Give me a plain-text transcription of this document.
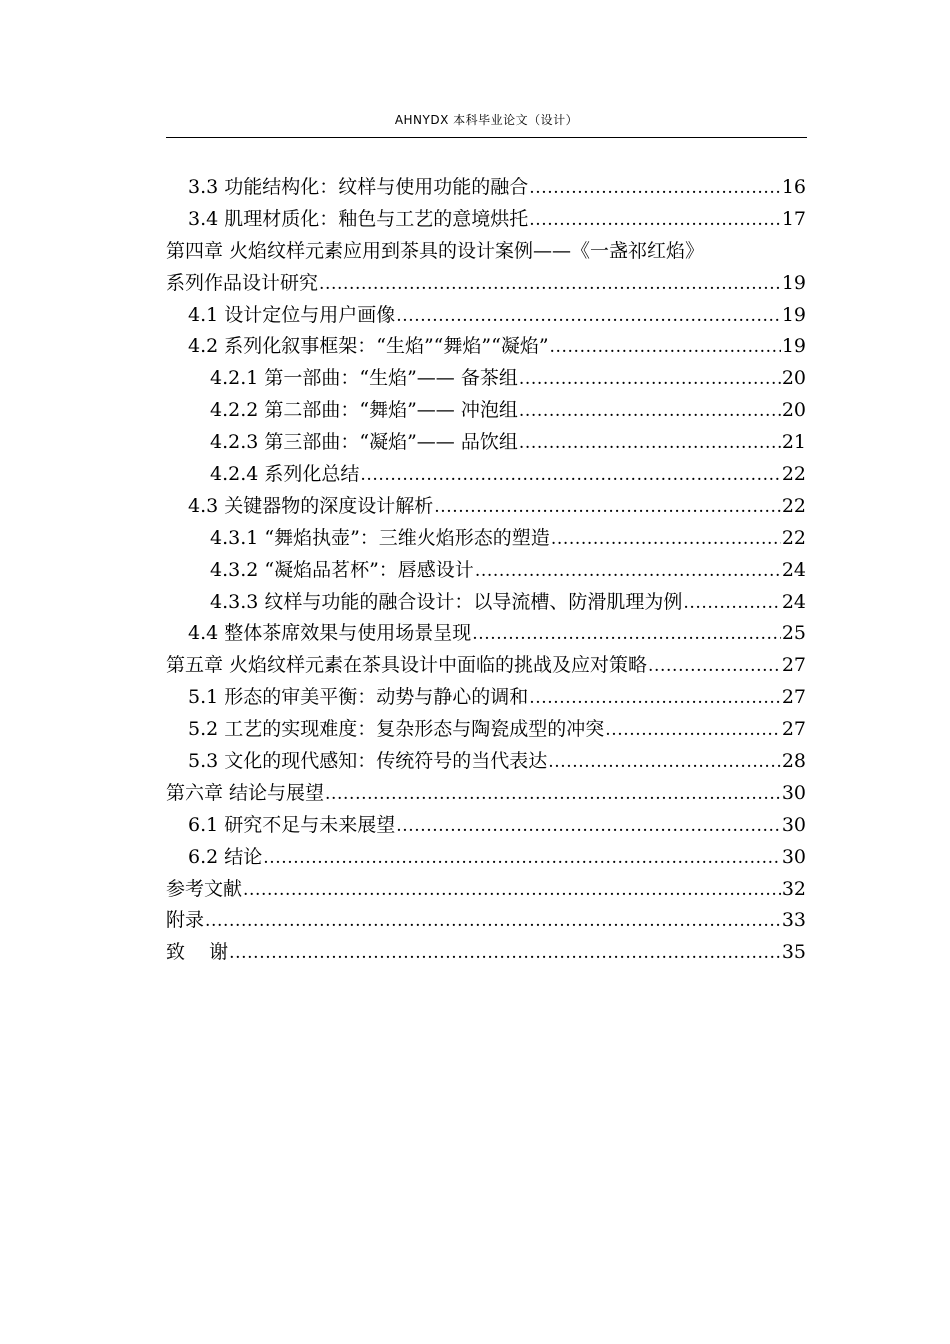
AHNYDX 本科毕业论文（设计）
3.3 功能结构化：纹样与使用功能的融合 .....	16
3.4 肌理材质化：釉色与工艺的意境烘托 .....	17
第四章 火焰纹样元素应用到茶具的设计案例——《一盏祁红焰》
系列作品设计研究 .....	19
4.1 设计定位与用户画像 .....	19
4.2 系列化叙事框架：“生焰”“舞焰”“凝焰” .....	19
4.2.1 第一部曲：“生焰”—— 备茶组 .....	20
4.2.2 第二部曲：“舞焰”—— 冲泡组 .....	20
4.2.3 第三部曲：“凝焰”—— 品饮组 .....	21
4.2.4 系列化总结 .....	22
4.3 关键器物的深度设计解析 .....	22
4.3.1 “舞焰执壶”：三维火焰形态的塑造 .....	22
4.3.2 “凝焰品茗杯”：唇感设计 .....	24
4.3.3 纹样与功能的融合设计：以导流槽、防滑肌理为例 .....	24
4.4 整体茶席效果与使用场景呈现 .....	25
第五章 火焰纹样元素在茶具设计中面临的挑战及应对策略 .....	27
5.1 形态的审美平衡：动势与静心的调和 .....	27
5.2 工艺的实现难度：复杂形态与陶瓷成型的冲突 .....	27
5.3 文化的现代感知：传统符号的当代表达 .....	28
第六章 结论与展望 .....	30
6.1 研究不足与未来展望 .....	30
6.2 结论 .....	30
参考文献 .....	32
附录 .....	33
致    谢 .....	35
